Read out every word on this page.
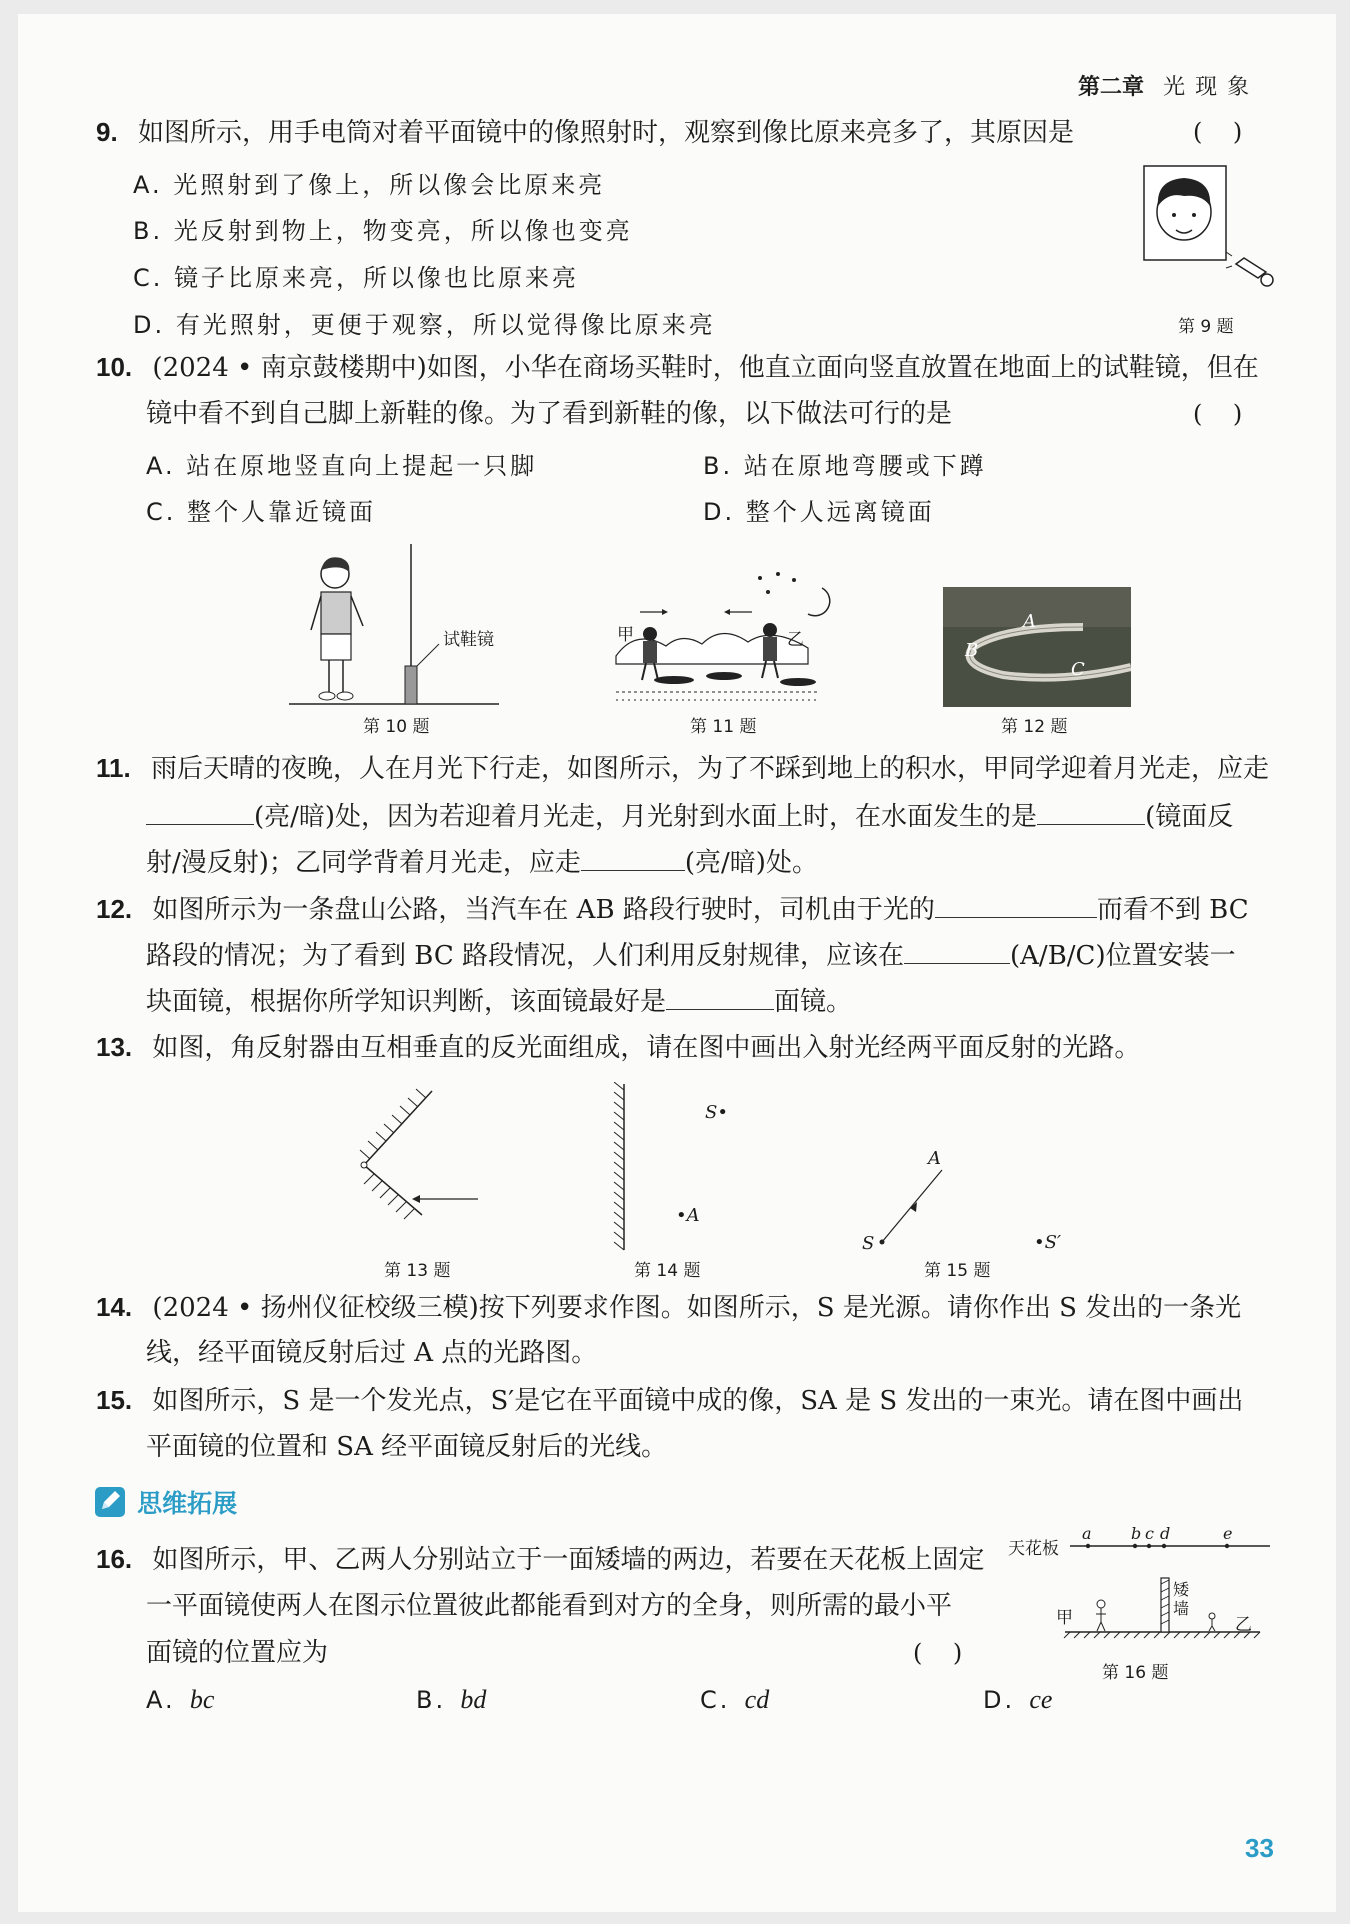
第二章 光现象
9. 如图所示，用手电筒对着平面镜中的像照射时，观察到像比原来亮多了，其原因是	(    )
A. 光照射到了像上，所以像会比原来亮
B. 光反射到物上，物变亮，所以像也变亮
C. 镜子比原来亮，所以像也比原来亮
D. 有光照射，更便于观察，所以觉得像比原来亮	第 9 题
10. (2024 • 南京鼓楼期中)如图，小华在商场买鞋时，他直立面向竖直放置在地面上的试鞋镜，但在
镜中看不到自己脚上新鞋的像。为了看到新鞋的像，以下做法可行的是	(    )
A. 站在原地竖直向上提起一只脚	B. 站在原地弯腰或下蹲
C. 整个人靠近镜面	D. 整个人远离镜面
试鞋镜
第 10 题
甲	乙
第 11 题
A
B
C
第 12 题
11. 雨后天晴的夜晚，人在月光下行走，如图所示，为了不踩到地上的积水，甲同学迎着月光走，应走
(亮/暗)处，因为若迎着月光走，月光射到水面上时，在水面发生的是	(镜面反
射/漫反射)；乙同学背着月光走，应走	(亮/暗)处。
12. 如图所示为一条盘山公路，当汽车在 AB 路段行驶时，司机由于光的	而看不到 BC
路段的情况；为了看到 BC 路段情况，人们利用反射规律，应该在	(A/B/C)位置安装一
块面镜，根据你所学知识判断，该面镜最好是	面镜。
13. 如图，角反射器由互相垂直的反光面组成，请在图中画出入射光经两平面反射的光路。
第 13 题
S•
•A
第 14 题
A
S	•S′
第 15 题
14. (2024 • 扬州仪征校级三模)按下列要求作图。如图所示，S 是光源。请你作出 S 发出的一条光
线，经平面镜反射后过 A 点的光路图。
15. 如图所示，S 是一个发光点，S′是它在平面镜中成的像，SA 是 S 发出的一束光。请在图中画出
平面镜的位置和 SA 经平面镜反射后的光线。
思维拓展
16. 如图所示，甲、乙两人分别站立于一面矮墙的两边，若要在天花板上固定
一平面镜使两人在图示位置彼此都能看到对方的全身，则所需的最小平
面镜的位置应为	(    )
A. bc	B. bd	C. cd	D. ce
天花板
a b c d	e
矮墙
甲	乙
第 16 题
33
